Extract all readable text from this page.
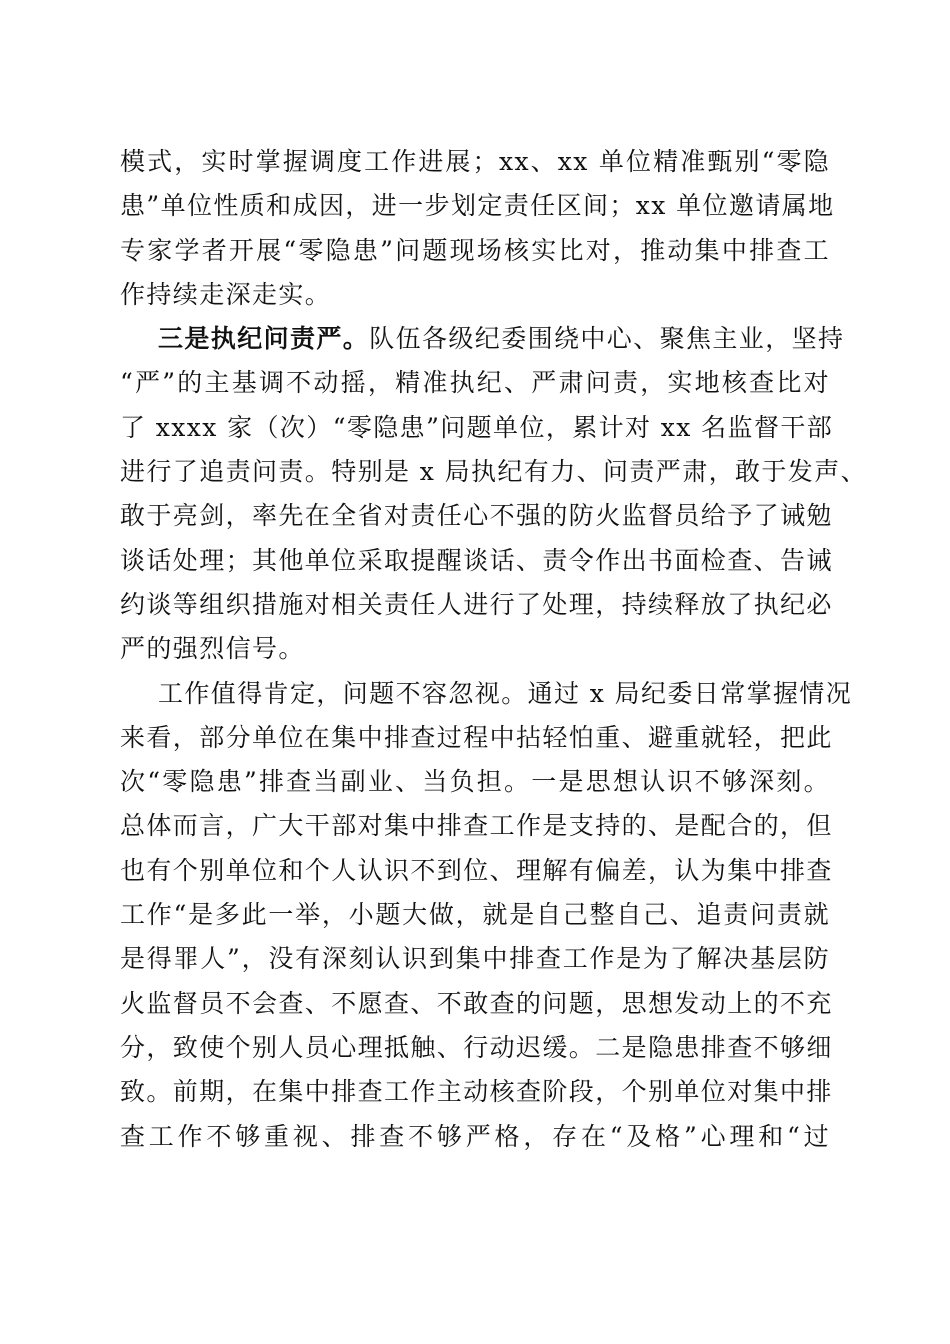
模式，实时掌握调度工作进展；xx、xx 单位精准甄别“零隐
患”单位性质和成因，进一步划定责任区间；xx 单位邀请属地
专家学者开展“零隐患”问题现场核实比对，推动集中排查工
作持续走深走实。

三是执纪问责严。队伍各级纪委围绕中心、聚焦主业，坚持
“严”的主基调不动摇，精准执纪、严肃问责，实地核查比对
了 xxxx 家（次）“零隐患”问题单位，累计对 xx 名监督干部
进行了追责问责。特别是 x 局执纪有力、问责严肃，敢于发声、
敢于亮剑，率先在全省对责任心不强的防火监督员给予了诫勉
谈话处理；其他单位采取提醒谈话、责令作出书面检查、告诫
约谈等组织措施对相关责任人进行了处理，持续释放了执纪必
严的强烈信号。

工作值得肯定，问题不容忽视。通过 x 局纪委日常掌握情况
来看，部分单位在集中排查过程中拈轻怕重、避重就轻，把此
次“零隐患”排查当副业、当负担。一是思想认识不够深刻。
总体而言，广大干部对集中排查工作是支持的、是配合的，但
也有个别单位和个人认识不到位、理解有偏差，认为集中排查
工作“是多此一举，小题大做，就是自己整自己、追责问责就
是得罪人”，没有深刻认识到集中排查工作是为了解决基层防
火监督员不会查、不愿查、不敢查的问题，思想发动上的不充
分，致使个别人员心理抵触、行动迟缓。二是隐患排查不够细
致。前期，在集中排查工作主动核查阶段，个别单位对集中排
查工作不够重视、排查不够严格，存在“及格”心理和“过
